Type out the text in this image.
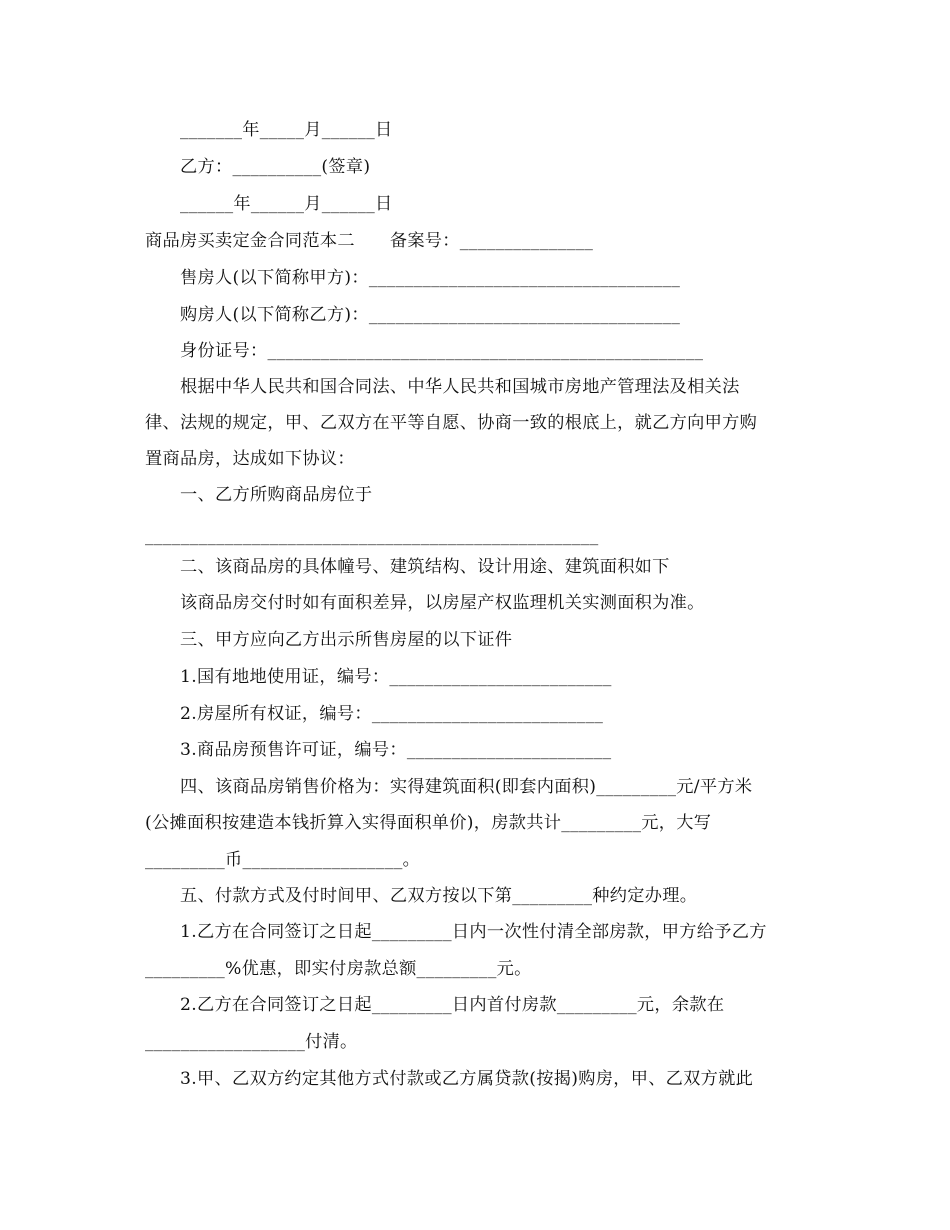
_______年_____月______日
乙方：__________(签章)
______年______月______日
商品房买卖定金合同范本二　　备案号：_______________
售房人(以下简称甲方)：___________________________________
购房人(以下简称乙方)：___________________________________
身份证号：_________________________________________________
根据中华人民共和国合同法、中华人民共和国城市房地产管理法及相关法
律、法规的规定，甲、乙双方在平等自愿、协商一致的根底上，就乙方向甲方购
置商品房，达成如下协议：
一、乙方所购商品房位于
___________________________________________________
二、该商品房的具体幢号、建筑结构、设计用途、建筑面积如下
该商品房交付时如有面积差异，以房屋产权监理机关实测面积为准。
三、甲方应向乙方出示所售房屋的以下证件
1.国有地地使用证，编号：_________________________
2.房屋所有权证，编号：__________________________
3.商品房预售许可证，编号：_______________________
四、该商品房销售价格为：实得建筑面积(即套内面积)_________元/平方米
(公摊面积按建造本钱折算入实得面积单价)，房款共计_________元，大写
_________币__________________。
五、付款方式及付时间甲、乙双方按以下第_________种约定办理。
1.乙方在合同签订之日起_________日内一次性付清全部房款，甲方给予乙方
_________%优惠，即实付房款总额_________元。
2.乙方在合同签订之日起_________日内首付房款_________元，余款在
__________________付清。
3.甲、乙双方约定其他方式付款或乙方属贷款(按揭)购房，甲、乙双方就此
